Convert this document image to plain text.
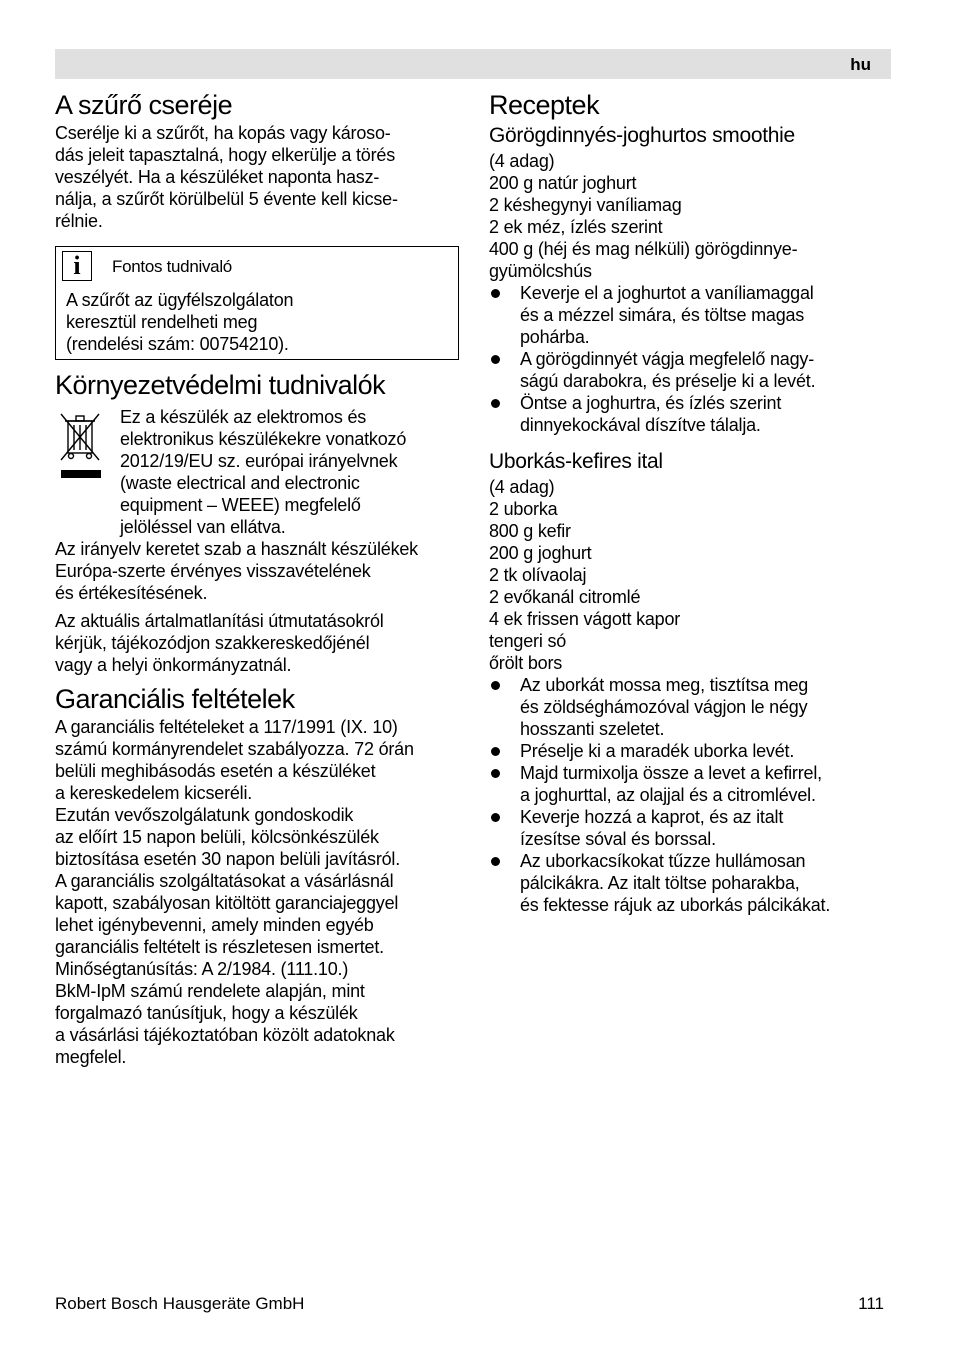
hu
A szűrő cseréje
Cserélje ki a szűrőt, ha kopás vagy károso-
dás jeleit tapasztalná, hogy elkerülje a törés
veszélyét. Ha a készüléket naponta hasz-
nálja, a szűrőt körülbelül 5 évente kell kicse-
rélnie.
i	Fontos tudnivaló
A szűrőt az ügyfélszolgálaton
keresztül rendelheti meg
(rendelési szám: 00754210).
Környezetvédelmi tudnivalók
Ez a készülék az elektromos és
elektronikus készülékekre vonatkozó
2012/19/EU sz. európai irányelvnek
(waste electrical and electronic
equipment – WEEE) megfelelő
jelöléssel van ellátva.
Az irányelv keretet szab a használt készülékek
Európa-szerte érvényes visszavételének
és értékesítésének.
Az aktuális ártalmatlanítási útmutatásokról
kérjük, tájékozódjon szakkereskedőjénél
vagy a helyi önkormányzatnál.
Garanciális feltételek
A garanciális feltételeket a 117/1991 (IX. 10)
számú kormányrendelet szabályozza. 72 órán
belüli meghibásodás esetén a készüléket
a kereskedelem kicseréli.
Ezután vevőszolgálatunk gondoskodik
az előírt 15 napon belüli, kölcsönkészülék
biztosítása esetén 30 napon belüli javításról.
A garanciális szolgáltatásokat a vásárlásnál
kapott, szabályosan kitöltött garanciajeggyel
lehet igénybevenni, amely minden egyéb
garanciális feltételt is részletesen ismertet.
Minőségtanúsítás: A 2/1984. (111.10.)
BkM-IpM számú rendelete alapján, mint
forgalmazó tanúsítjuk, hogy a készülék
a vásárlási tájékoztatóban közölt adatoknak
megfelel.
Receptek
Görögdinnyés-joghurtos smoothie
(4 adag)
200 g natúr joghurt
2 késhegynyi vaníliamag
2 ek méz, ízlés szerint
400 g (héj és mag nélküli) görögdinnye-
gyümölcshús
Keverje el a joghurtot a vaníliamaggal
és a mézzel simára, és töltse magas
pohárba.
A görögdinnyét vágja megfelelő nagy-
ságú darabokra, és préselje ki a levét.
Öntse a joghurtra, és ízlés szerint
dinnyekockával díszítve tálalja.
Uborkás-kefires ital
(4 adag)
2 uborka
800 g kefir
200 g joghurt
2 tk olívaolaj
2 evőkanál citromlé
4 ek frissen vágott kapor
tengeri só
őrölt bors
Az uborkát mossa meg, tisztítsa meg
és zöldséghámozóval vágjon le négy
hosszanti szeletet.
Préselje ki a maradék uborka levét.
Majd turmixolja össze a levet a kefirrel,
a joghurttal, az olajjal és a citromlével.
Keverje hozzá a kaprot, és az italt
ízesítse sóval és borssal.
Az uborkacsíkokat tűzze hullámosan
pálcikákra. Az italt töltse poharakba,
és fektesse rájuk az uborkás pálcikákat.
Robert Bosch Hausgeräte GmbH	111
